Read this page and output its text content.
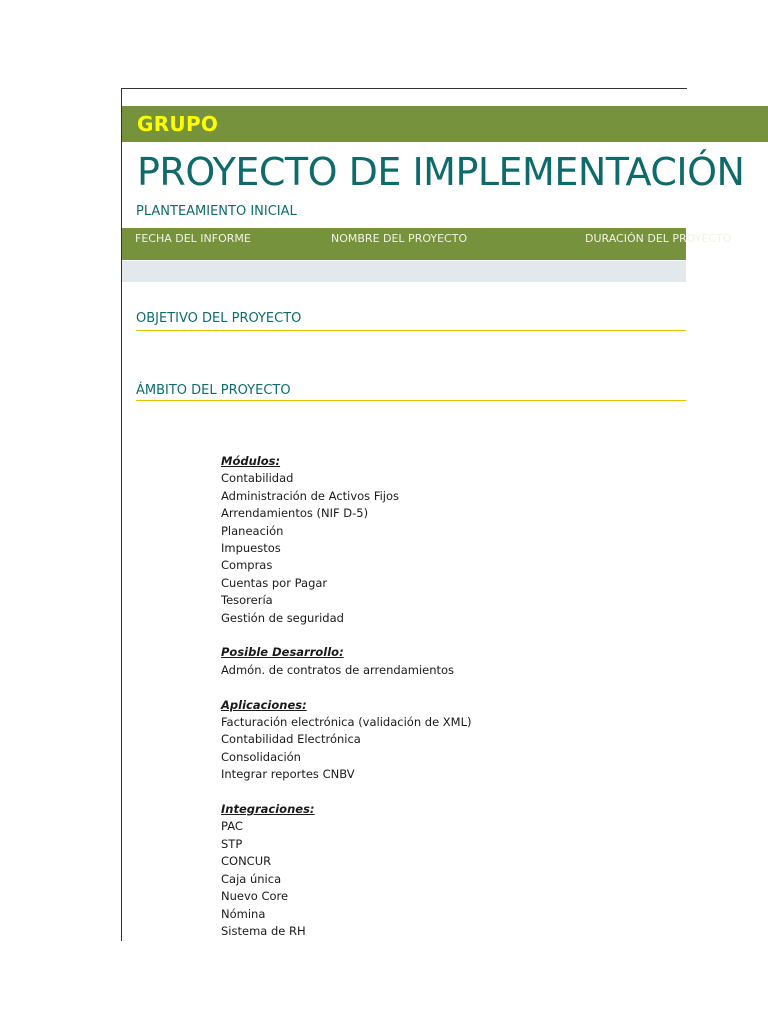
GRUPO
PROYECTO DE IMPLEMENTACIÓN
PLANTEAMIENTO INICIAL
FECHA DEL INFORME	NOMBRE DEL PROYECTO	DURACIÓN DEL PROYECTO
OBJETIVO DEL PROYECTO
ÁMBITO DEL PROYECTO
Módulos:
Contabilidad
Administración de Activos Fijos
Arrendamientos (NIF D-5)
Planeación
Impuestos
Compras
Cuentas por Pagar
Tesorería
Gestión de seguridad
Posible Desarrollo:
Admón. de contratos de arrendamientos
Aplicaciones:
Facturación electrónica (validación de XML)
Contabilidad Electrónica
Consolidación
Integrar reportes CNBV
Integraciones:
PAC
STP
CONCUR
Caja única
Nuevo Core
Nómina
Sistema de RH
